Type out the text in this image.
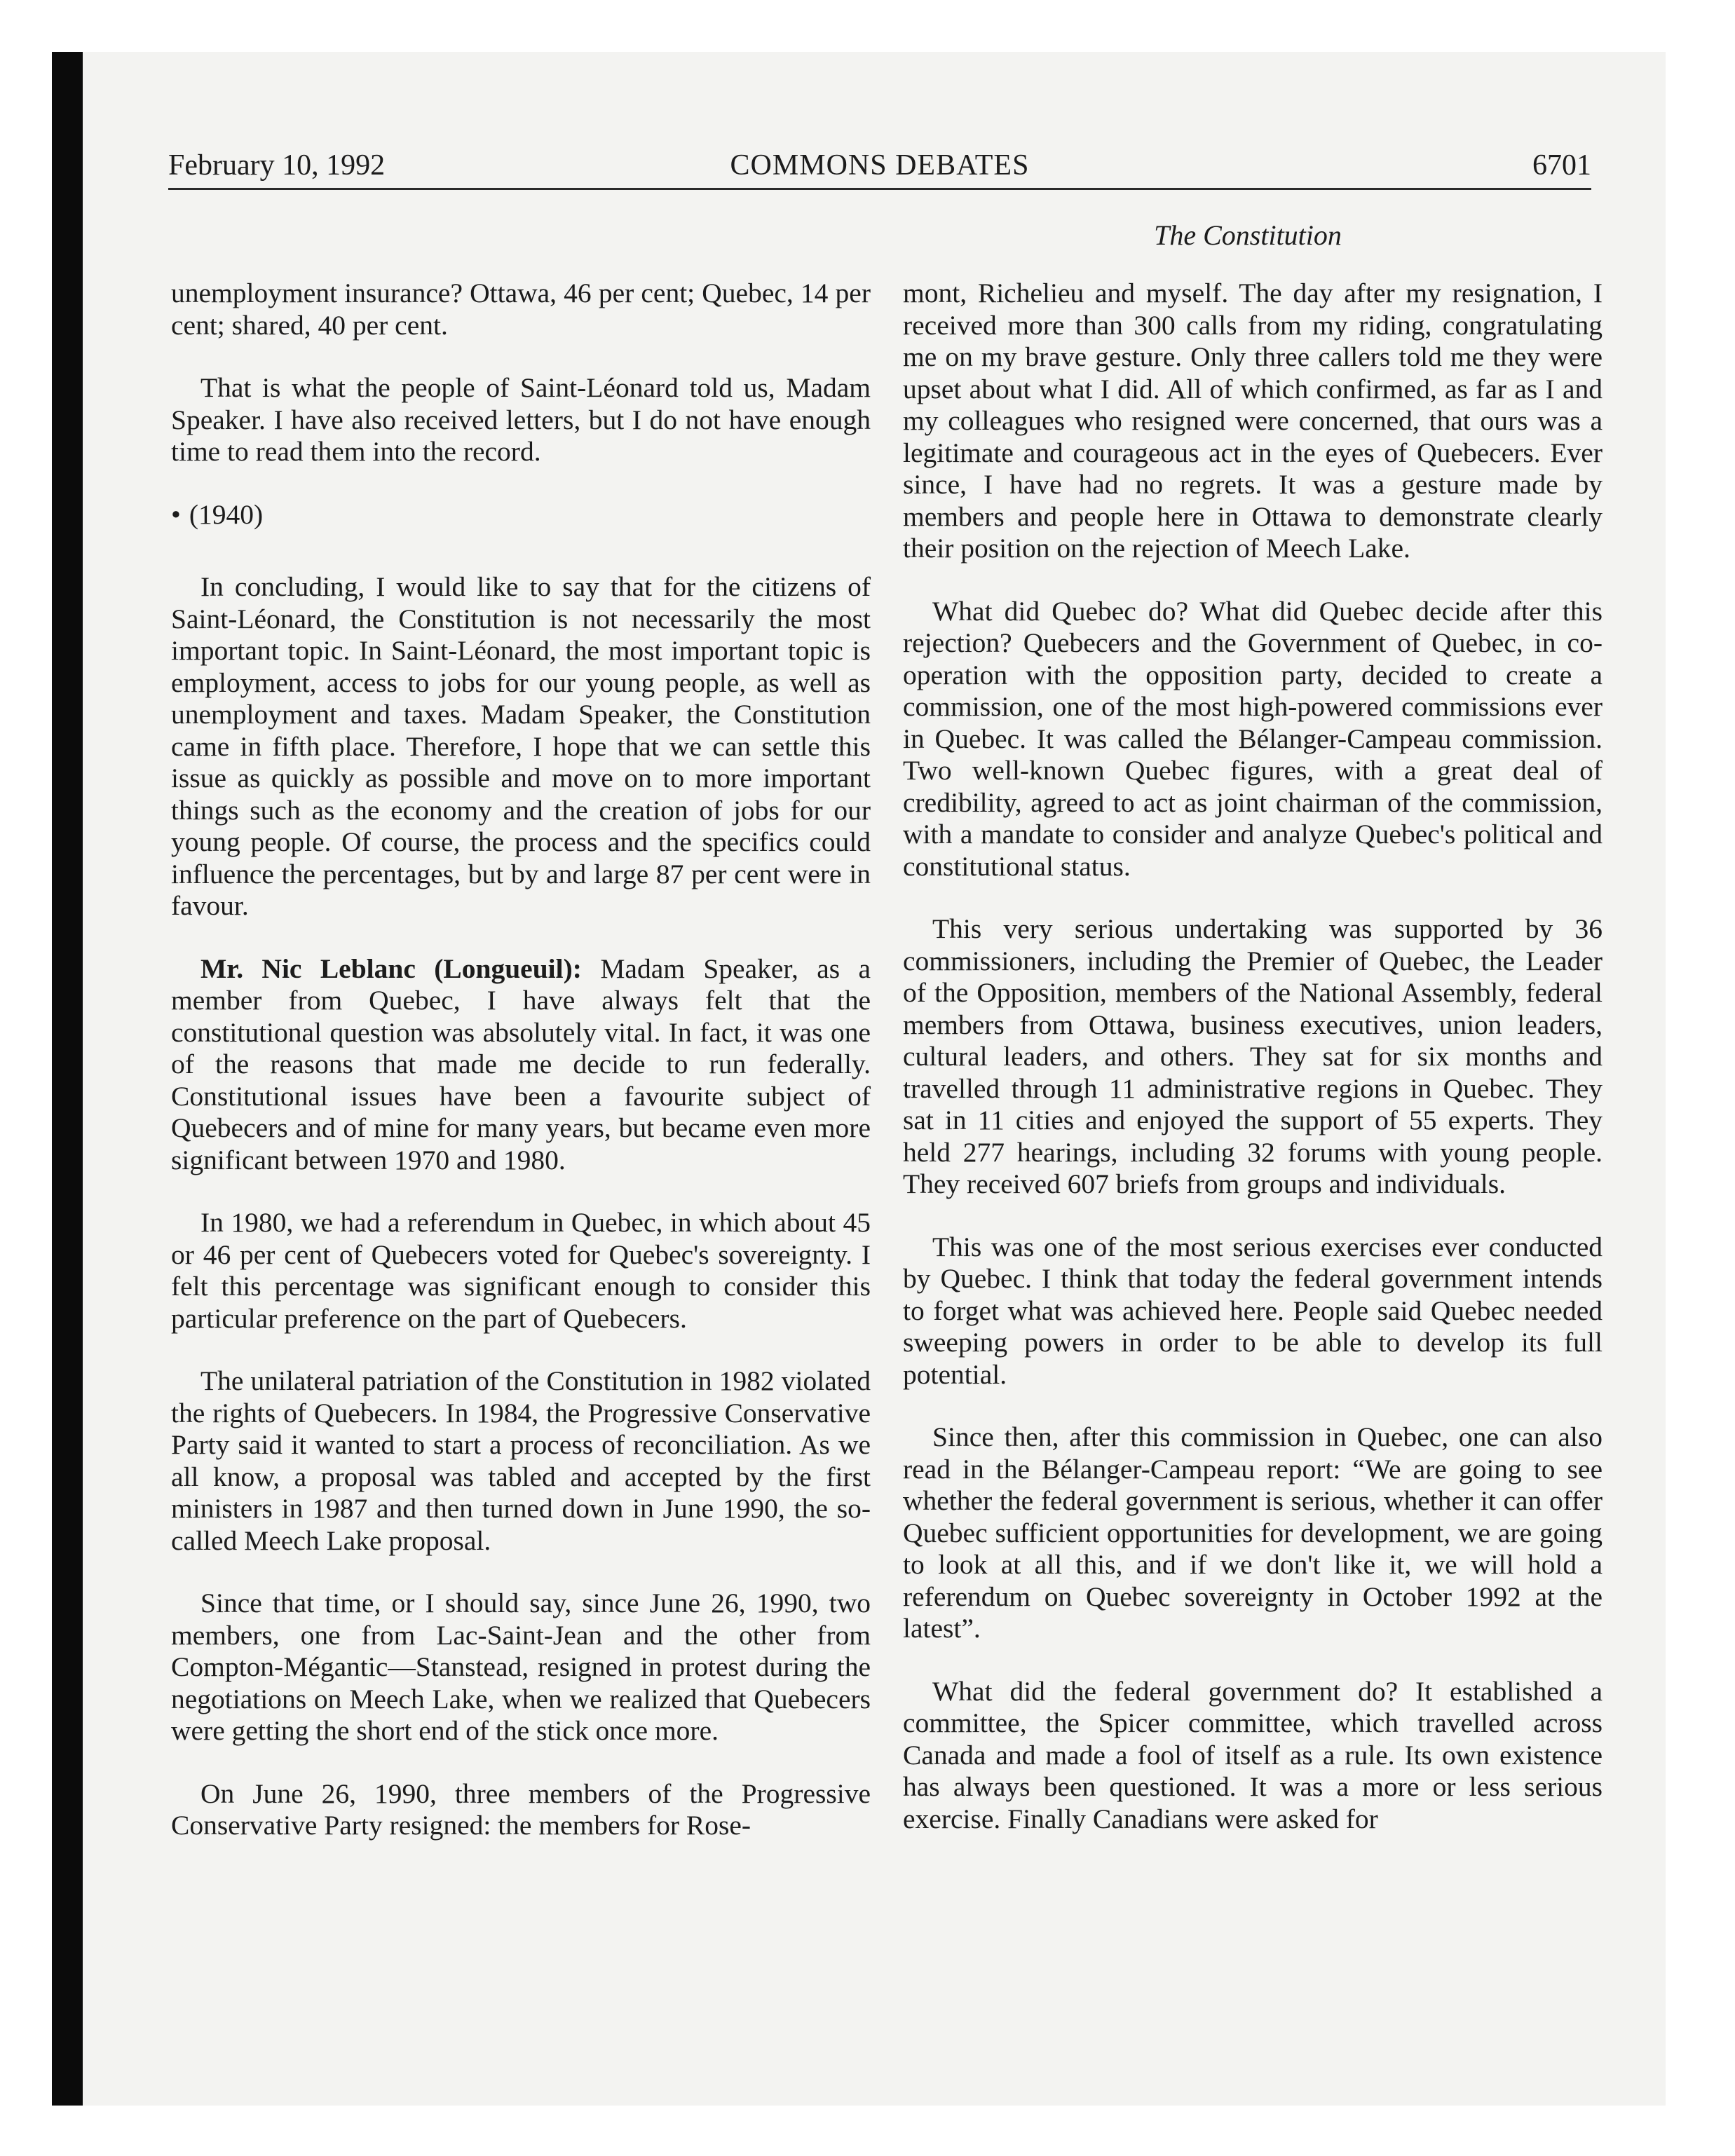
February 10, 1992	COMMONS DEBATES	6701
The Constitution

unemployment insurance? Ottawa, 46 per cent; Quebec, 14 per cent; shared, 40 per cent.

That is what the people of Saint-Léonard told us, Madam Speaker. I have also received letters, but I do not have enough time to read them into the record.

• (1940)

In concluding, I would like to say that for the citizens of Saint-Léonard, the Constitution is not necessarily the most important topic. In Saint-Léonard, the most important topic is employment, access to jobs for our young people, as well as unemployment and taxes. Madam Speaker, the Constitution came in fifth place. Therefore, I hope that we can settle this issue as quickly as possible and move on to more important things such as the economy and the creation of jobs for our young people. Of course, the process and the specifics could influence the percentages, but by and large 87 per cent were in favour.

Mr. Nic Leblanc (Longueuil): Madam Speaker, as a member from Quebec, I have always felt that the constitutional question was absolutely vital. In fact, it was one of the reasons that made me decide to run federally. Constitutional issues have been a favourite subject of Quebecers and of mine for many years, but became even more significant between 1970 and 1980.

In 1980, we had a referendum in Quebec, in which about 45 or 46 per cent of Quebecers voted for Quebec's sovereignty. I felt this percentage was significant enough to consider this particular preference on the part of Quebecers.

The unilateral patriation of the Constitution in 1982 violated the rights of Quebecers. In 1984, the Progressive Conservative Party said it wanted to start a process of reconciliation. As we all know, a proposal was tabled and accepted by the first ministers in 1987 and then turned down in June 1990, the so-called Meech Lake proposal.

Since that time, or I should say, since June 26, 1990, two members, one from Lac-Saint-Jean and the other from Compton-Mégantic—Stanstead, resigned in protest during the negotiations on Meech Lake, when we realized that Quebecers were getting the short end of the stick once more.

On June 26, 1990, three members of the Progressive Conservative Party resigned: the members for Rose-

mont, Richelieu and myself. The day after my resignation, I received more than 300 calls from my riding, congratulating me on my brave gesture. Only three callers told me they were upset about what I did. All of which confirmed, as far as I and my colleagues who resigned were concerned, that ours was a legitimate and courageous act in the eyes of Quebecers. Ever since, I have had no regrets. It was a gesture made by members and people here in Ottawa to demonstrate clearly their position on the rejection of Meech Lake.

What did Quebec do? What did Quebec decide after this rejection? Quebecers and the Government of Quebec, in co-operation with the opposition party, decided to create a commission, one of the most high-powered commissions ever in Quebec. It was called the Bélanger-Campeau commission. Two well-known Quebec figures, with a great deal of credibility, agreed to act as joint chairman of the commission, with a mandate to consider and analyze Quebec's political and constitutional status.

This very serious undertaking was supported by 36 commissioners, including the Premier of Quebec, the Leader of the Opposition, members of the National Assembly, federal members from Ottawa, business executives, union leaders, cultural leaders, and others. They sat for six months and travelled through 11 administrative regions in Quebec. They sat in 11 cities and enjoyed the support of 55 experts. They held 277 hearings, including 32 forums with young people. They received 607 briefs from groups and individuals.

This was one of the most serious exercises ever conducted by Quebec. I think that today the federal government intends to forget what was achieved here. People said Quebec needed sweeping powers in order to be able to develop its full potential.

Since then, after this commission in Quebec, one can also read in the Bélanger-Campeau report: “We are going to see whether the federal government is serious, whether it can offer Quebec sufficient opportunities for development, we are going to look at all this, and if we don't like it, we will hold a referendum on Quebec sovereignty in October 1992 at the latest”.

What did the federal government do? It established a committee, the Spicer committee, which travelled across Canada and made a fool of itself as a rule. Its own existence has always been questioned. It was a more or less serious exercise. Finally Canadians were asked for
